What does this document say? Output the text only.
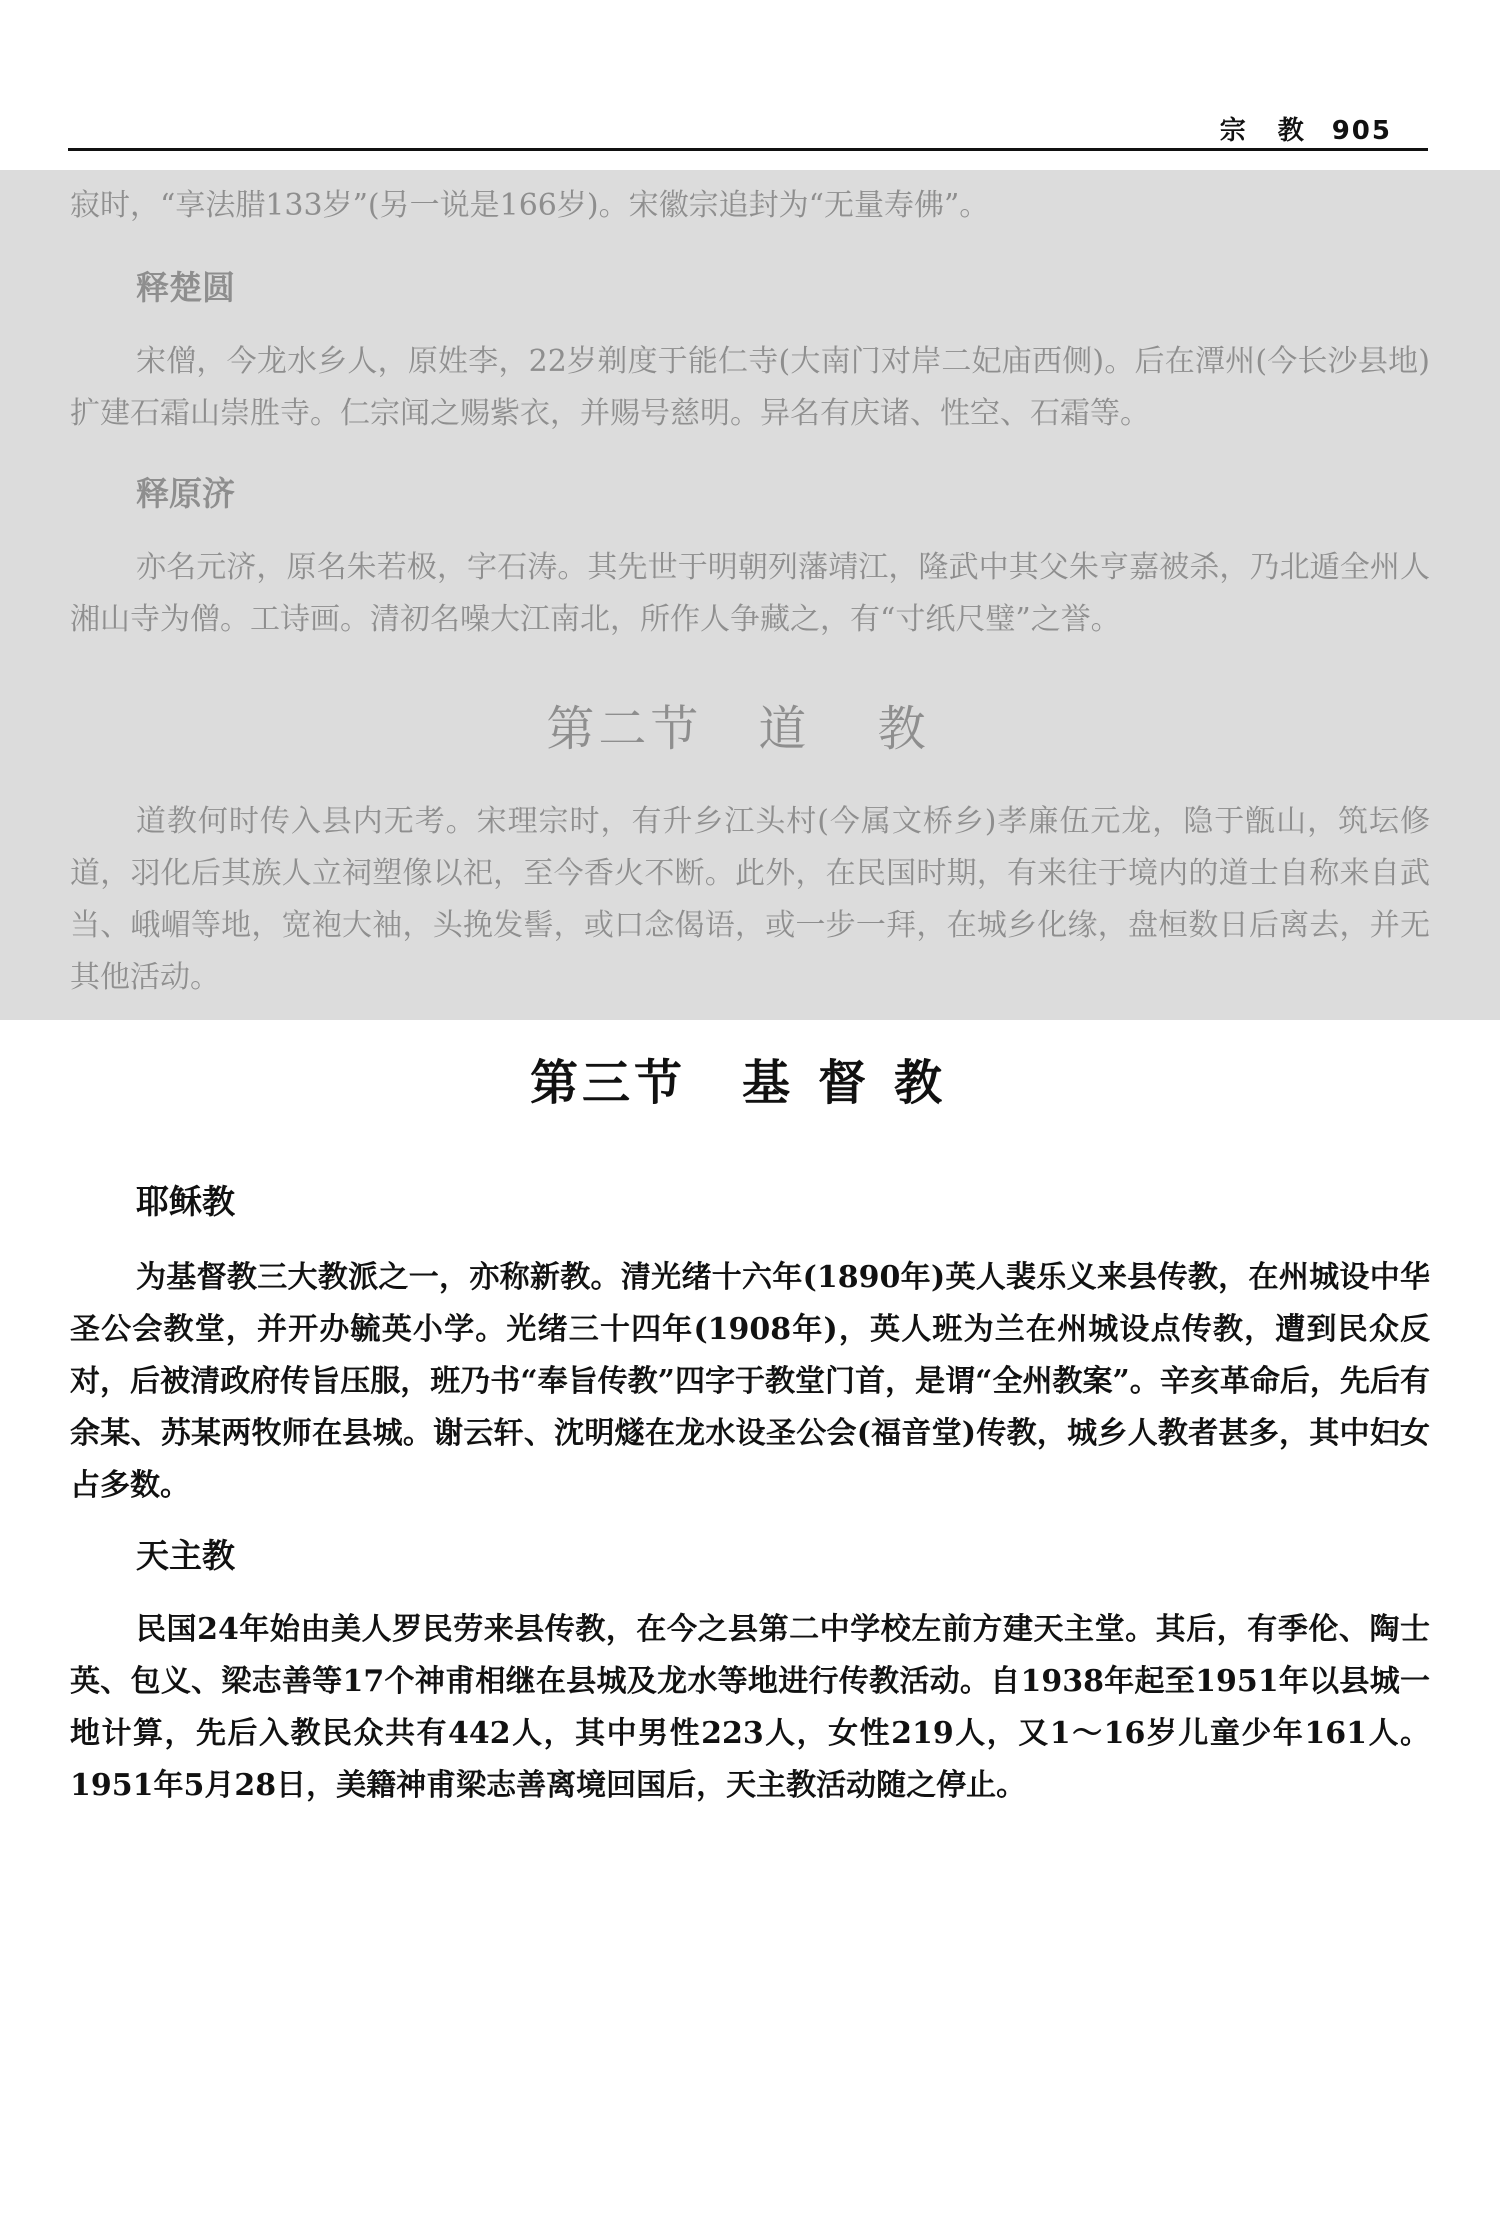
宗 教 905
寂时，“享法腊133岁”(另一说是166岁)。宋徽宗追封为“无量寿佛”。
释楚圆
宋僧，今龙水乡人，原姓李，22岁剃度于能仁寺(大南门对岸二妃庙西侧)。后在潭州(今长沙县地)扩建石霜山崇胜寺。仁宗闻之赐紫衣，并赐号慈明。异名有庆诸、性空、石霜等。
释原济
亦名元济，原名朱若极，字石涛。其先世于明朝列藩靖江，隆武中其父朱亨嘉被杀，乃北遁全州人湘山寺为僧。工诗画。清初名噪大江南北，所作人争藏之，有“寸纸尺璧”之誉。
第二节 道 教
道教何时传入县内无考。宋理宗时，有升乡江头村(今属文桥乡)孝廉伍元龙，隐于甑山，筑坛修道，羽化后其族人立祠塑像以祀，至今香火不断。此外，在民国时期，有来往于境内的道士自称来自武当、峨嵋等地，宽袍大袖，头挽发髻，或口念偈语，或一步一拜，在城乡化缘，盘桓数日后离去，并无其他活动。
第三节 基督教
耶稣教
为基督教三大教派之一，亦称新教。清光绪十六年(1890年)英人裴乐义来县传教，在州城设中华圣公会教堂，并开办毓英小学。光绪三十四年(1908年)，英人班为兰在州城设点传教，遭到民众反对，后被清政府传旨压服，班乃书“奉旨传教”四字于教堂门首，是谓“全州教案”。辛亥革命后，先后有余某、苏某两牧师在县城。谢云轩、沈明燧在龙水设圣公会(福音堂)传教，城乡人教者甚多，其中妇女占多数。
天主教
民国24年始由美人罗民劳来县传教，在今之县第二中学校左前方建天主堂。其后，有季伦、陶士英、包义、梁志善等17个神甫相继在县城及龙水等地进行传教活动。自1938年起至1951年以县城一地计算，先后入教民众共有442人，其中男性223人，女性219人，又1～16岁儿童少年161人。1951年5月28日，美籍神甫梁志善离境回国后，天主教活动随之停止。
